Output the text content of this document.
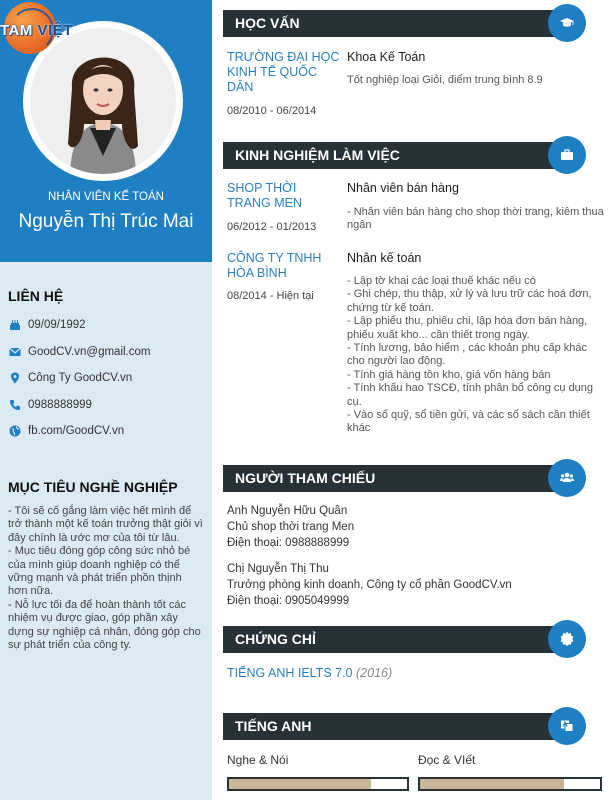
TAM VIỆT
NHÂN VIÊN KẾ TOÁN
Nguyễn Thị Trúc Mai
LIÊN HỆ
09/09/1992
GoodCV.vn@gmail.com
Công Ty GoodCV.vn
0988888999
fb.com/GoodCV.vn
MỤC TIÊU NGHỀ NGHIỆP

- Tôi sẽ cố gắng làm việc hết mình để trở thành một kế toán trưởng thật giỏi vì đây chính là ước mơ của tôi từ lâu.

- Mục tiêu đóng góp công sức nhỏ bé của mình giúp doanh nghiệp có thể vững mạnh và phát triển phồn thịnh hơn nữa.

- Nỗ lực tối đa để hoàn thành tốt các nhiệm vụ được giao, góp phần xây dựng sự nghiệp cá nhân, đóng góp cho sự phát triển của công ty.

HỌC VẤN
TRƯỜNG ĐẠI HỌC KINH TẾ QUỐC DÂN
08/2010 - 06/2014
Khoa Kế Toán
Tốt nghiệp loại Giỏi, điểm trung bình 8.9
KINH NGHIỆM LÀM VIỆC
SHOP THỜI TRANG MEN
06/2012 - 01/2013
Nhân viên bán hàng

- Nhân viên bán hàng cho shop thời trang, kiêm thua ngân

CÔNG TY TNHH HÒA BÌNH
08/2014 - Hiện tại
Nhân kế toán

- Lập tờ khai các loại thuế khác nếu có

- Ghi chép, thu thập, xử lý và lưu trữ các hoá đơn, chứng từ kế toán.

- Lập phiếu thu, phiếu chi, lập hóa đơn bán hàng, phiếu xuất kho... cần thiết trong ngày.

- Tính lương, bảo hiểm , các khoản phụ cấp khác cho người lao động.

- Tính giá hàng tồn kho, giá vốn hàng bán

- Tính khấu hao TSCĐ, tính phân bổ công cụ dụng cụ.

- Vào sổ quỹ, sổ tiền gửi, và các sổ sách cần thiết khác

NGƯỜI THAM CHIẾU
Anh Nguyễn Hữu Quân
Chủ shop thời trang Men
Điện thoại: 0988888999
Chị Nguyễn Thị Thu
Trưởng phòng kinh doanh, Công ty cổ phần GoodCV.vn
Điện thoại: 0905049999
CHỨNG CHỈ
TIẾNG ANH IELTS 7.0 (2016)
TIẾNG ANH
Nghe & Nói	Đọc & VIết
